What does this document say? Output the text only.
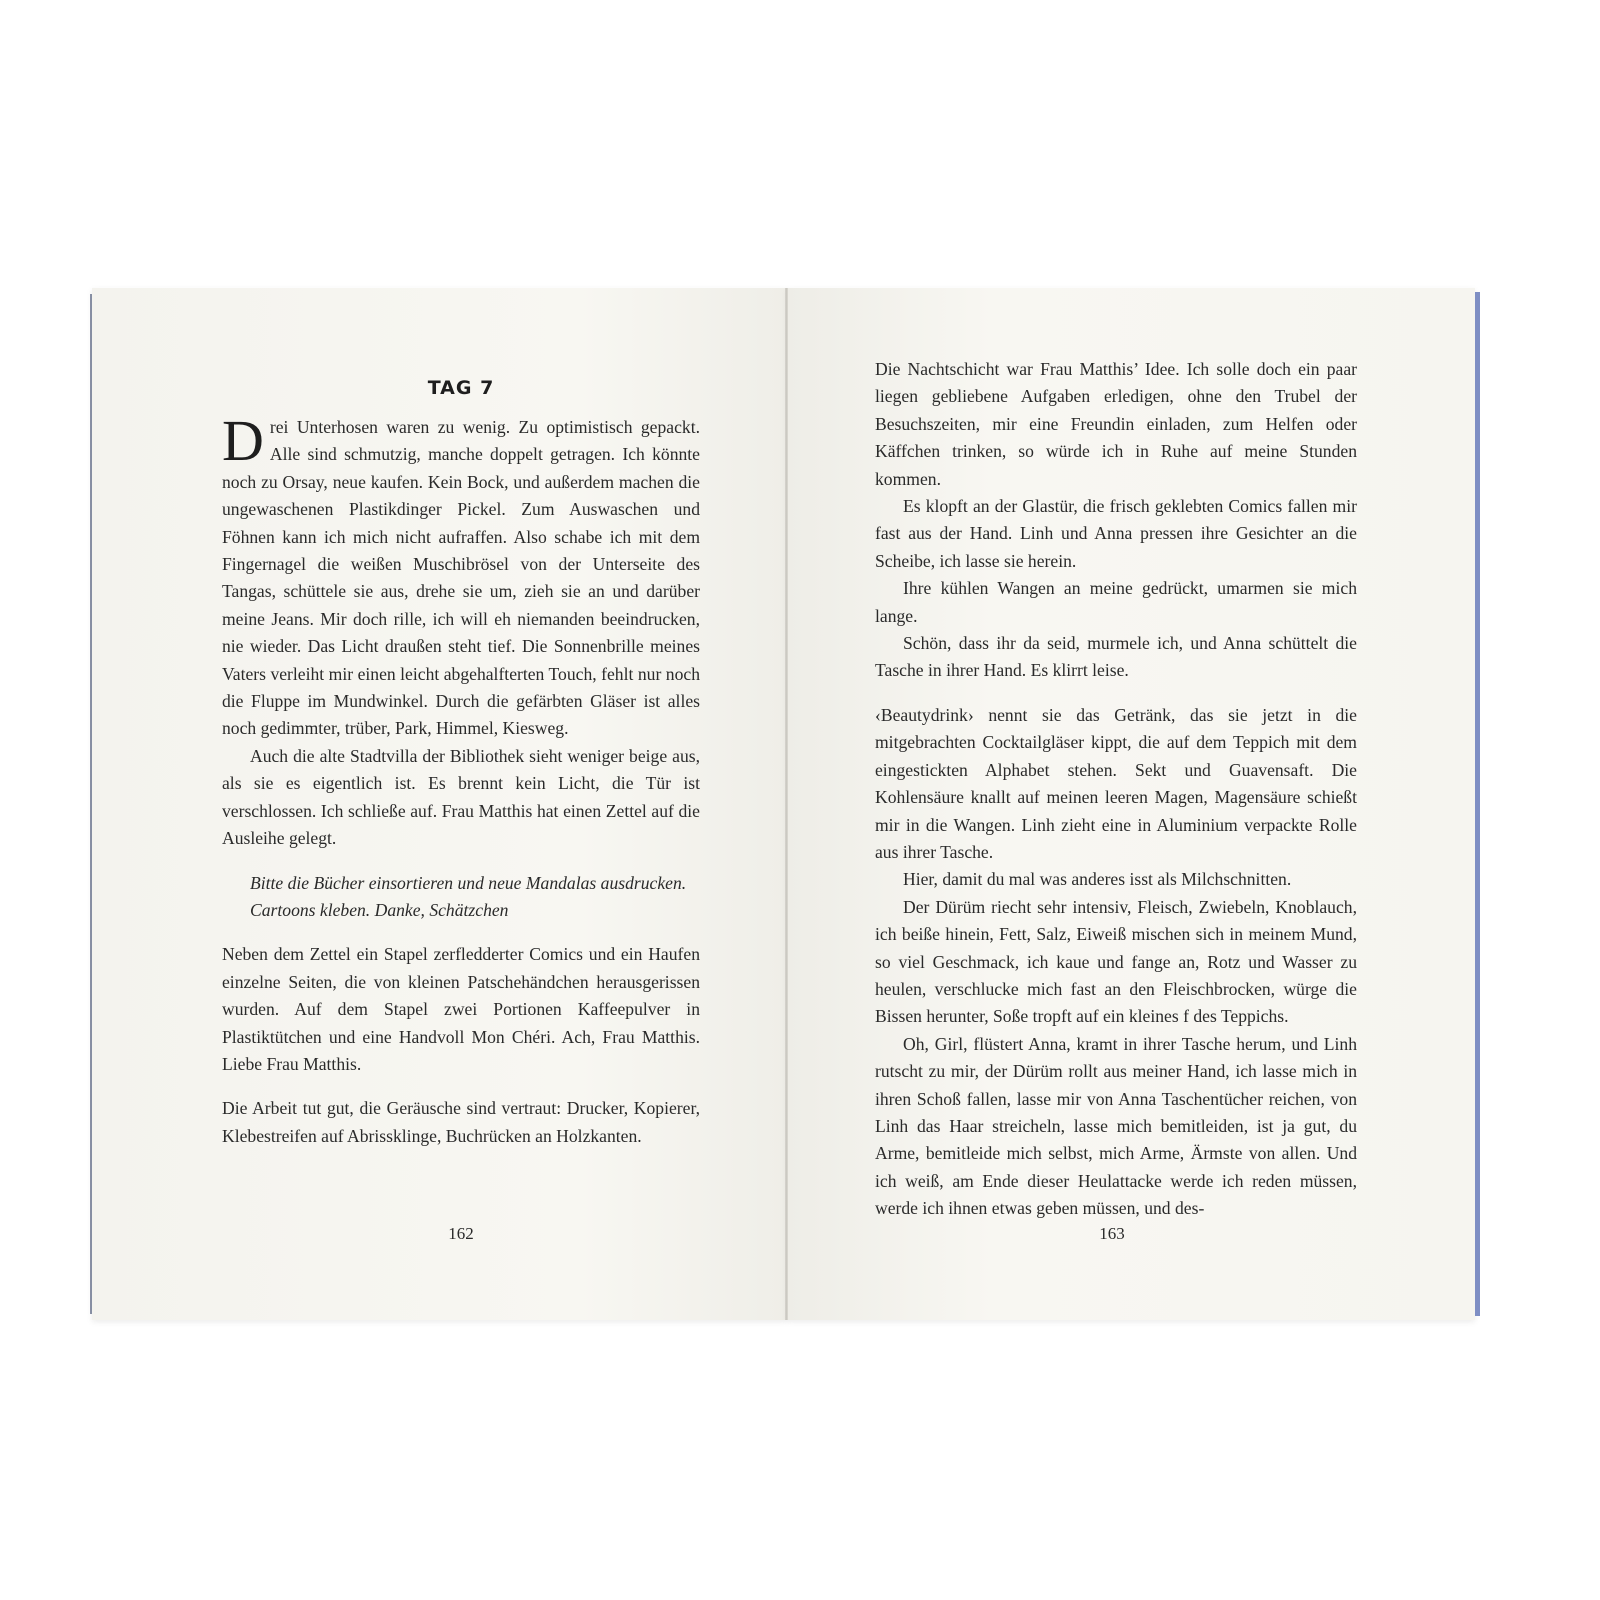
TAG 7

Drei Unterhosen waren zu wenig. Zu optimistisch gepackt. Alle sind schmutzig, manche doppelt getragen. Ich könnte noch zu Orsay, neue kaufen. Kein Bock, und außerdem machen die ungewaschenen Plastikdinger Pickel. Zum Auswaschen und Föhnen kann ich mich nicht aufraffen. Also schabe ich mit dem Fingernagel die weißen Muschibrösel von der Unterseite des Tangas, schüttele sie aus, drehe sie um, zieh sie an und darüber meine Jeans. Mir doch rille, ich will eh niemanden beeindrucken, nie wieder. Das Licht draußen steht tief. Die Sonnenbrille meines Vaters verleiht mir einen leicht abgehalfterten Touch, fehlt nur noch die Fluppe im Mundwinkel. Durch die gefärbten Gläser ist alles noch gedimmter, trüber, Park, Himmel, Kiesweg.

Auch die alte Stadtvilla der Bibliothek sieht weniger beige aus, als sie es eigentlich ist. Es brennt kein Licht, die Tür ist verschlossen. Ich schließe auf. Frau Matthis hat einen Zettel auf die Ausleihe gelegt.

Bitte die Bücher einsortieren und neue Mandalas ausdrucken. Cartoons kleben. Danke, Schätzchen

Neben dem Zettel ein Stapel zerfledderter Comics und ein Haufen einzelne Seiten, die von kleinen Patschehändchen herausgerissen wurden. Auf dem Stapel zwei Portionen Kaffeepulver in Plastiktütchen und eine Handvoll Mon Chéri. Ach, Frau Matthis. Liebe Frau Matthis.

Die Arbeit tut gut, die Geräusche sind vertraut: Drucker, Kopierer, Klebestreifen auf Abrissklinge, Buchrücken an Holzkanten.

162

Die Nachtschicht war Frau Matthis’ Idee. Ich solle doch ein paar liegen gebliebene Aufgaben erledigen, ohne den Trubel der Besuchszeiten, mir eine Freundin einladen, zum Helfen oder Käffchen trinken, so würde ich in Ruhe auf meine Stunden kommen.

Es klopft an der Glastür, die frisch geklebten Comics fallen mir fast aus der Hand. Linh und Anna pressen ihre Gesichter an die Scheibe, ich lasse sie herein.

Ihre kühlen Wangen an meine gedrückt, umarmen sie mich lange.

Schön, dass ihr da seid, murmele ich, und Anna schüttelt die Tasche in ihrer Hand. Es klirrt leise.

‹Beautydrink› nennt sie das Getränk, das sie jetzt in die mitgebrachten Cocktailgläser kippt, die auf dem Teppich mit dem eingestickten Alphabet stehen. Sekt und Guavensaft. Die Kohlensäure knallt auf meinen leeren Magen, Magensäure schießt mir in die Wangen. Linh zieht eine in Aluminium verpackte Rolle aus ihrer Tasche.

Hier, damit du mal was anderes isst als Milchschnitten.

Der Dürüm riecht sehr intensiv, Fleisch, Zwiebeln, Knoblauch, ich beiße hinein, Fett, Salz, Eiweiß mischen sich in meinem Mund, so viel Geschmack, ich kaue und fange an, Rotz und Wasser zu heulen, verschlucke mich fast an den Fleischbrocken, würge die Bissen herunter, Soße tropft auf ein kleines f des Teppichs.

Oh, Girl, flüstert Anna, kramt in ihrer Tasche herum, und Linh rutscht zu mir, der Dürüm rollt aus meiner Hand, ich lasse mich in ihren Schoß fallen, lasse mir von Anna Taschentücher reichen, von Linh das Haar streicheln, lasse mich bemitleiden, ist ja gut, du Arme, bemitleide mich selbst, mich Arme, Ärmste von allen. Und ich weiß, am Ende dieser Heulattacke werde ich reden müssen, werde ich ihnen etwas geben müssen, und des-

163
